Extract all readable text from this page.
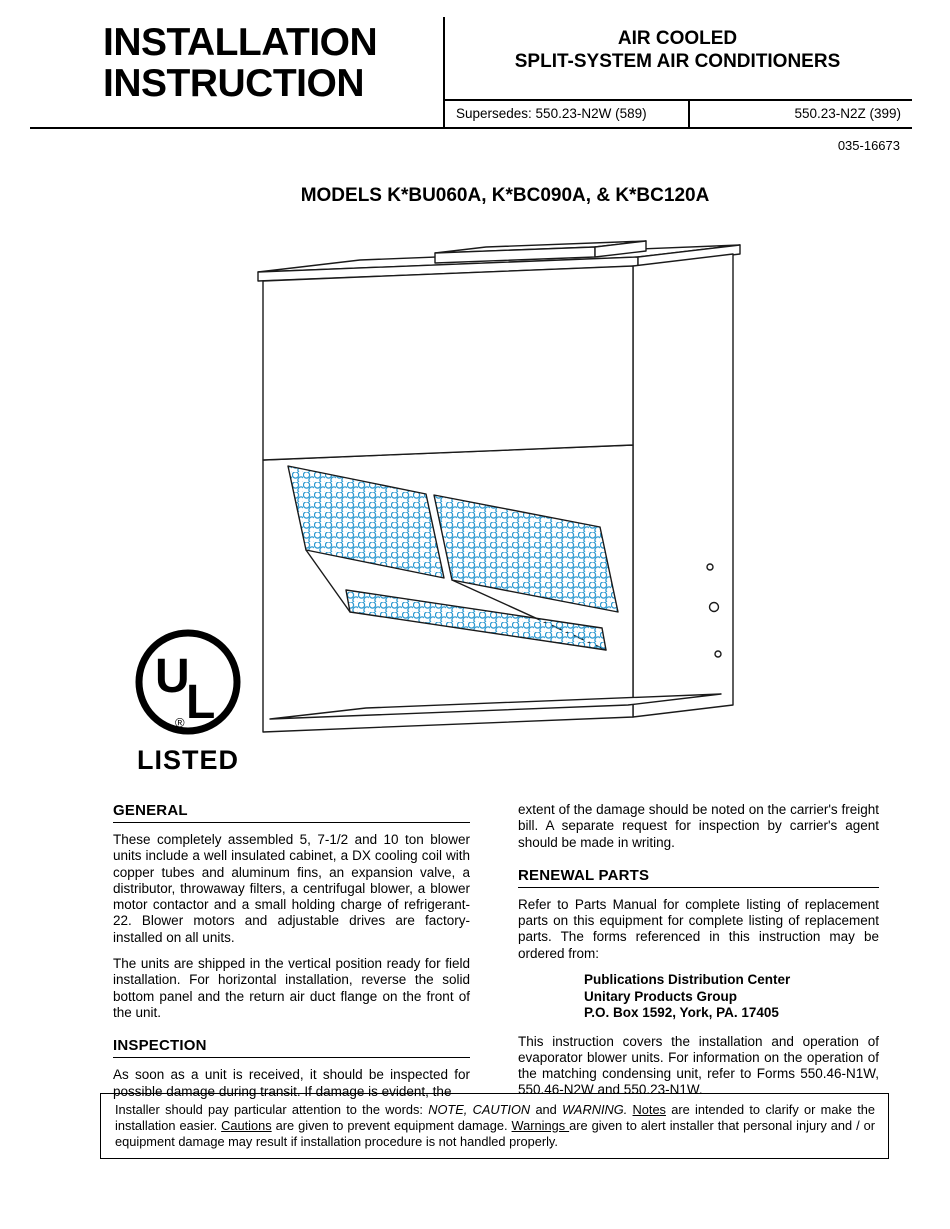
INSTALLATION
INSTRUCTION
AIR COOLED
SPLIT-SYSTEM AIR CONDITIONERS
Supersedes: 550.23-N2W (589)	550.23-N2Z (399)
035-16673
MODELS K*BU060A, K*BC090A, & K*BC120A
U
L
®
LISTED
GENERAL

These completely assembled 5, 7-1/2 and 10 ton blower units include a well insulated cabinet, a DX cooling coil with copper tubes and aluminum fins, an expansion valve, a distributor, throwaway filters, a centrifugal blower, a blower motor contactor and a small holding charge of refrigerant-22. Blower motors and adjustable drives are factory-installed on all units.

The units are shipped in the vertical position ready for field installation. For horizontal installation, reverse the solid bottom panel and the return air duct flange on the front of the unit.

INSPECTION

As soon as a unit is received, it should be inspected for possible damage during transit. If damage is evident, the

extent of the damage should be noted on the carrier's freight bill. A separate request for inspection by carrier's agent should be made in writing.

RENEWAL PARTS

Refer to Parts Manual for complete listing of replacement parts on this equipment for complete listing of replacement parts. The forms referenced in this instruction may be ordered from:

Publications Distribution Center
Unitary Products Group
P.O. Box 1592, York, PA. 17405

This instruction covers the installation and operation of evaporator blower units. For information on the operation of the matching condensing unit, refer to Forms 550.46-N1W, 550.46-N2W and 550.23-N1W.

Installer should pay particular attention to the words: NOTE, CAUTION and WARNING. Notes are intended to clarify or make the installation easier. Cautions are given to prevent equipment damage. Warnings are given to alert installer that personal injury and / or equipment damage may result if installation procedure is not handled properly.
